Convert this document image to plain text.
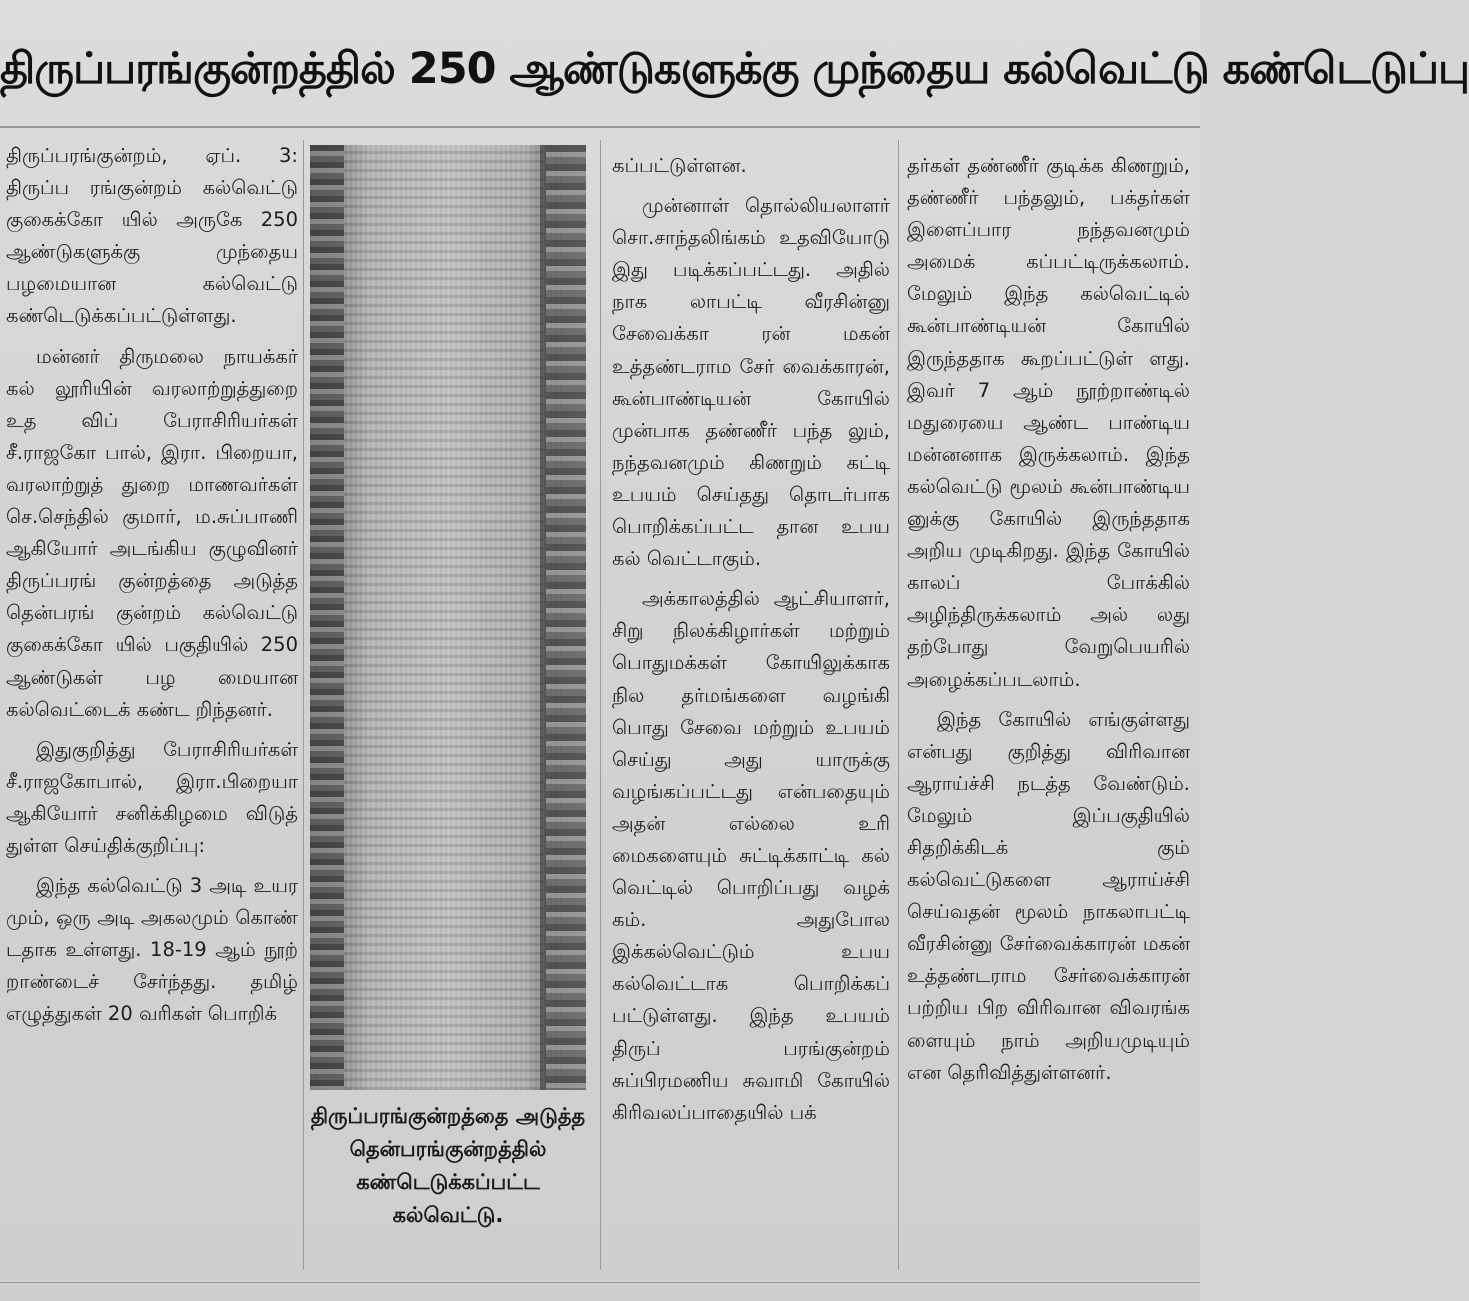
திருப்பரங்குன்றத்தில் 250 ஆண்டுகளுக்கு முந்தைய கல்வெட்டு கண்டெடுப்பு

திருப்பரங்குன்றம், ஏப். 3: திருப்ப ரங்குன்றம் கல்வெட்டு குகைக்கோ யில் அருகே 250 ஆண்டுகளுக்கு முந்தைய பழமையான கல்வெட்டு கண்டெடுக்கப்பட்டுள்ளது.

மன்னர் திருமலை நாயக்கர் கல் லூரியின் வரலாற்றுத்துறை உத விப் பேராசிரியர்கள் சீ.ராஜகோ பால், இரா. பிறையா, வரலாற்றுத் துறை மாணவர்கள் செ.செந்தில் குமார், ம.சுப்பாணி ஆகியோர் அடங்கிய குழுவினர் திருப்பரங் குன்றத்தை அடுத்த தென்பரங் குன்றம் கல்வெட்டு குகைக்கோ யில் பகுதியில் 250 ஆண்டுகள் பழ மையான கல்வெட்டைக் கண்ட றிந்தனர்.

இதுகுறித்து பேராசிரியர்கள் சீ.ராஜகோபால், இரா.பிறையா ஆகியோர் சனிக்கிழமை விடுத் துள்ள செய்திக்குறிப்பு:

இந்த கல்வெட்டு 3 அடி உயர மும், ஒரு அடி அகலமும் கொண் டதாக உள்ளது. 18-19 ஆம் நூற் றாண்டைச் சேர்ந்தது. தமிழ் எழுத்துகள் 20 வரிகள் பொறிக்

திருப்பரங்குன்றத்தை அடுத்த தென்பரங்குன்றத்தில் கண்டெடுக்கப்பட்ட கல்வெட்டு.

கப்பட்டுள்ளன.

முன்னாள் தொல்லியலாளர் சொ.சாந்தலிங்கம் உதவியோடு இது படிக்கப்பட்டது. அதில் நாக லாபட்டி வீரசின்னு சேவைக்கா ரன் மகன் உத்தண்டராம சேர் வைக்காரன், கூன்பாண்டியன் கோயில் முன்பாக தண்ணீர் பந்த லும், நந்தவனமும் கிணறும் கட்டி உபயம் செய்தது தொடர்பாக பொறிக்கப்பட்ட தான உபய கல் வெட்டாகும்.

அக்காலத்தில் ஆட்சியாளர், சிறு நிலக்கிழார்கள் மற்றும் பொதுமக்கள் கோயிலுக்காக நில தர்மங்களை வழங்கி பொது சேவை மற்றும் உபயம் செய்து அது யாருக்கு வழங்கப்பட்டது என்பதையும் அதன் எல்லை உரி மைகளையும் சுட்டிக்காட்டி கல் வெட்டில் பொறிப்பது வழக் கம். அதுபோல இக்கல்வெட்டும் உபய கல்வெட்டாக பொறிக்கப் பட்டுள்ளது. இந்த உபயம் திருப் பரங்குன்றம் சுப்பிரமணிய சுவாமி கோயில் கிரிவலப்பாதையில் பக்

தர்கள் தண்ணீர் குடிக்க கிணறும், தண்ணீர் பந்தலும், பக்தர்கள் இளைப்பார நந்தவனமும் அமைக் கப்பட்டிருக்கலாம். மேலும் இந்த கல்வெட்டில் கூன்பாண்டியன் கோயில் இருந்ததாக கூறப்பட்டுள் ளது. இவர் 7 ஆம் நூற்றாண்டில் மதுரையை ஆண்ட பாண்டிய மன்னனாக இருக்கலாம். இந்த கல்வெட்டு மூலம் கூன்பாண்டிய னுக்கு கோயில் இருந்ததாக அறிய முடிகிறது. இந்த கோயில் காலப் போக்கில் அழிந்திருக்கலாம் அல் லது தற்போது வேறுபெயரில் அழைக்கப்படலாம்.

இந்த கோயில் எங்குள்ளது என்பது குறித்து விரிவான ஆராய்ச்சி நடத்த வேண்டும். மேலும் இப்பகுதியில் சிதறிக்கிடக் கும் கல்வெட்டுகளை ஆராய்ச்சி செய்வதன் மூலம் நாகலாபட்டி வீரசின்னு சேர்வைக்காரன் மகன் உத்தண்டராம சேர்வைக்காரன் பற்றிய பிற விரிவான விவரங்க ளையும் நாம் அறியமுடியும் என தெரிவித்துள்ளனர்.
